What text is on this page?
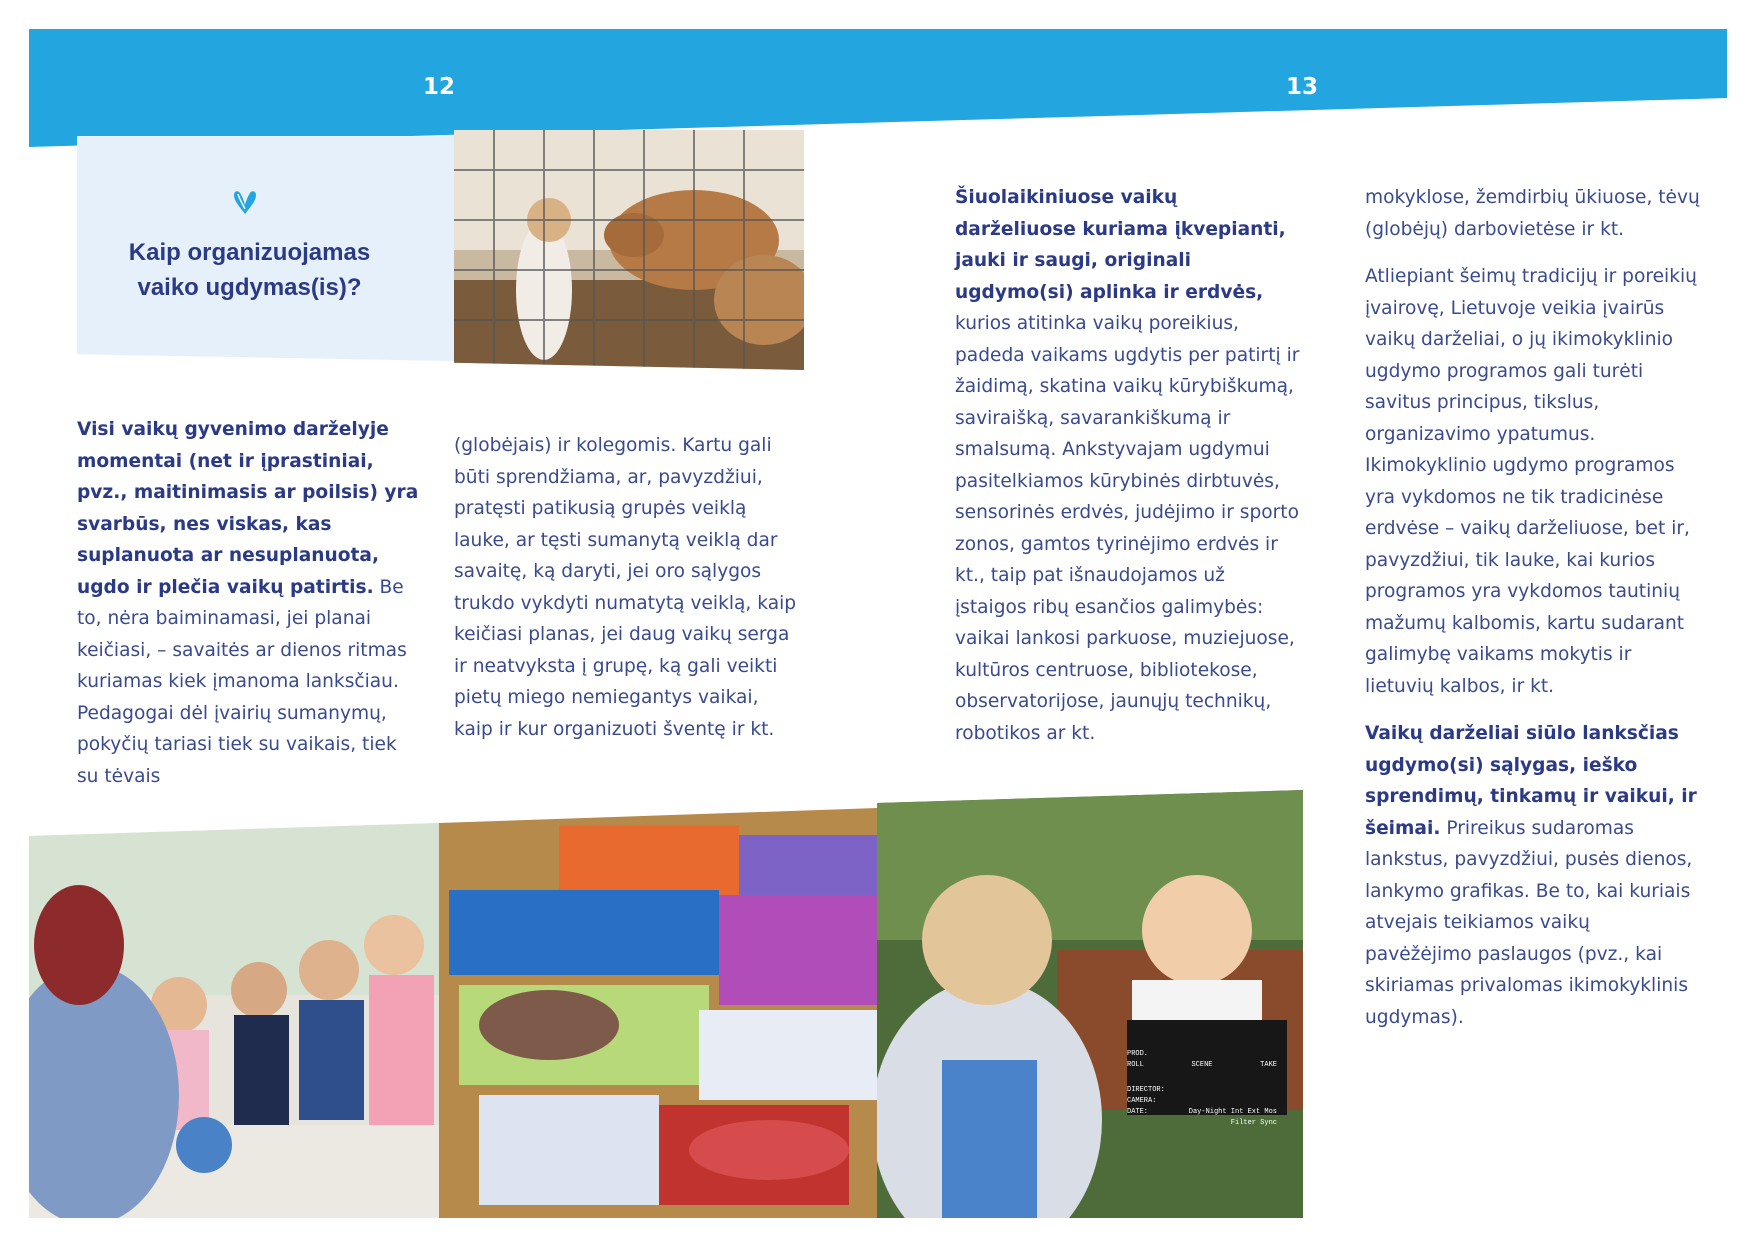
12	13
Kaip organizuojamas
vaiko ugdymas(is)?

Visi vaikų gyvenimo darželyje momentai (net ir įprastiniai, pvz., maitinimasis ar poilsis) yra svarbūs, nes viskas, kas suplanuota ar nesuplanuota, ugdo ir plečia vaikų patirtis. Be to, nėra baiminamasi, jei planai keičiasi, – savaitės ar dienos ritmas kuriamas kiek įmanoma lanksčiau. Pedagogai dėl įvairių sumanymų, pokyčių tariasi tiek su vaikais, tiek su tėvais

(globėjais) ir kolegomis. Kartu gali būti sprendžiama, ar, pavyzdžiui, pratęsti patikusią grupės veiklą lauke, ar tęsti sumanytą veiklą dar savaitę, ką daryti, jei oro sąlygos trukdo vykdyti numatytą veiklą, kaip keičiasi planas, jei daug vaikų serga ir neatvyksta į grupę, ką gali veikti pietų miego nemiegantys vaikai, kaip ir kur organizuoti šventę ir kt.

Šiuolaikiniuose vaikų darželiuose kuriama įkvepianti, jauki ir saugi, originali ugdymo(si) aplinka ir erdvės, kurios atitinka vaikų poreikius, padeda vaikams ugdytis per patirtį ir žaidimą, skatina vaikų kūrybiškumą, saviraišką, savarankiškumą ir smalsumą. Ankstyvajam ugdymui pasitelkiamos kūrybinės dirbtuvės, sensorinės erdvės, judėjimo ir sporto zonos, gamtos tyrinėjimo erdvės ir kt., taip pat išnaudojamos už įstaigos ribų esančios galimybės: vaikai lankosi parkuose, muziejuose, kultūros centruose, bibliotekose, observatorijose, jaunųjų technikų, robotikos ar kt.

mokyklose, žemdirbių ūkiuose, tėvų (globėjų) darbovietėse ir kt.

Atliepiant šeimų tradicijų ir poreikių įvairovę, Lietuvoje veikia įvairūs vaikų darželiai, o jų ikimokyklinio ugdymo programos gali turėti savitus principus, tikslus, organizavimo ypatumus. Ikimokyklinio ugdymo programos yra vykdomos ne tik tradicinėse erdvėse – vaikų darželiuose, bet ir, pavyzdžiui, tik lauke, kai kurios programos yra vykdomos tautinių mažumų kalbomis, kartu sudarant galimybę vaikams mokytis ir lietuvių kalbos, ir kt.

Vaikų darželiai siūlo lanksčias ugdymo(si) sąlygas, ieško sprendimų, tinkamų ir vaikui, ir šeimai. Prireikus sudaromas lankstus, pavyzdžiui, pusės dienos, lankymo grafikas. Be to, kai kuriais atvejais teikiamos vaikų pavėžėjimo paslaugos (pvz., kai skiriamas privalomas ikimokyklinis ugdymas).

PROD.
ROLL	SCENE	TAKE
DIRECTOR:
CAMERA:
DATE:	Day-Night Int Ext Mos
Filter Sync
